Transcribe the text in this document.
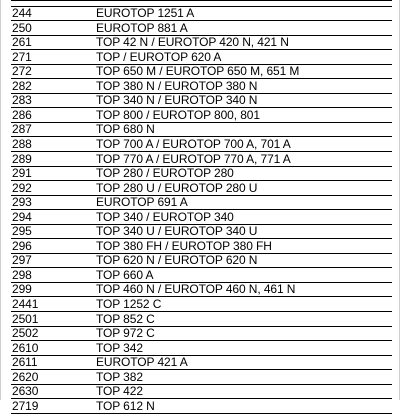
244	EUROTOP 1251 A
250	EUROTOP 881 A
261	TOP 42 N / EUROTOP 420 N, 421 N
271	TOP / EUROTOP 620 A
272	TOP 650 M / EUROTOP 650 M, 651 M
282	TOP 380 N / EUROTOP 380 N
283	TOP 340 N / EUROTOP 340 N
286	TOP 800 / EUROTOP 800, 801
287	TOP 680 N
288	TOP 700 A / EUROTOP 700 A, 701 A
289	TOP 770 A / EUROTOP 770 A, 771 A
291	TOP 280 / EUROTOP 280
292	TOP 280 U / EUROTOP 280 U
293	EUROTOP 691 A
294	TOP 340 / EUROTOP 340
295	TOP 340 U / EUROTOP 340 U
296	TOP 380 FH / EUROTOP 380 FH
297	TOP 620 N / EUROTOP 620 N
298	TOP 660 A
299	TOP 460 N / EUROTOP 460 N, 461 N
2441	TOP 1252 C
2501	TOP 852 C
2502	TOP 972 C
2610	TOP 342
2611	EUROTOP 421 A
2620	TOP 382
2630	TOP 422
2719	TOP 612 N
